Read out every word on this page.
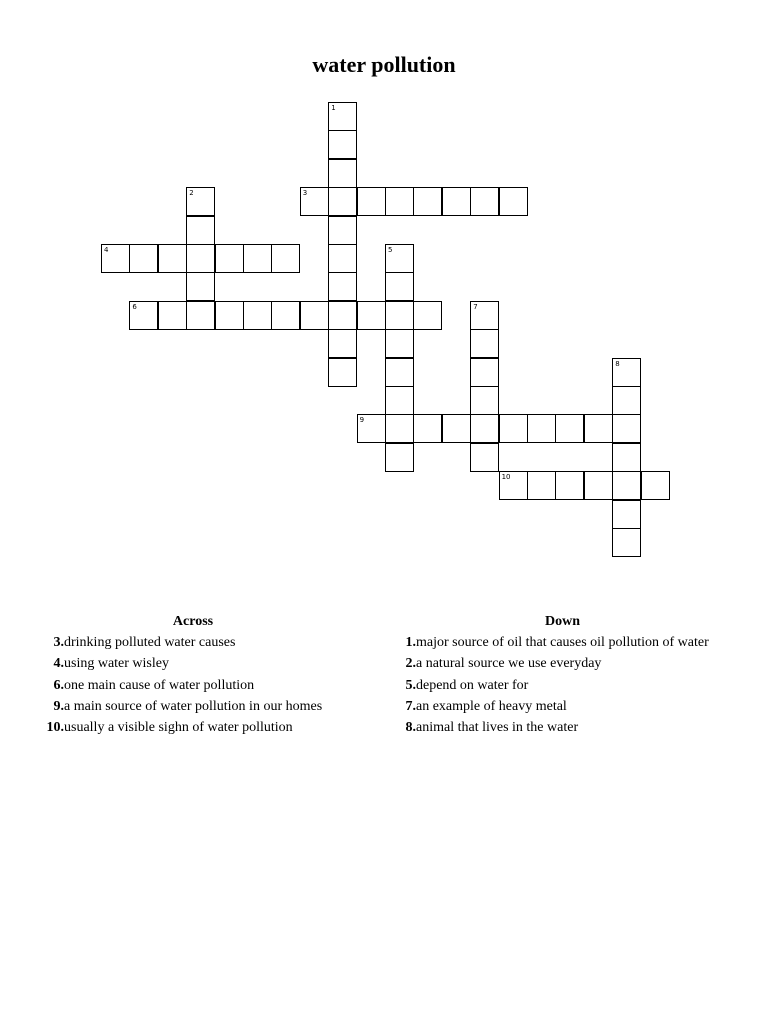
water pollution
1
2	3
4	5
6	7
8
9
10
Across
3. drinking polluted water causes
4. using water wisley
6. one main cause of water pollution
9. a main source of water pollution in our homes
10. usually a visible sighn of water pollution
Down
1. major source of oil that causes oil pollution of water
2. a natural source we use everyday
5. depend on water for
7. an example of heavy metal
8. animal that lives in the water
